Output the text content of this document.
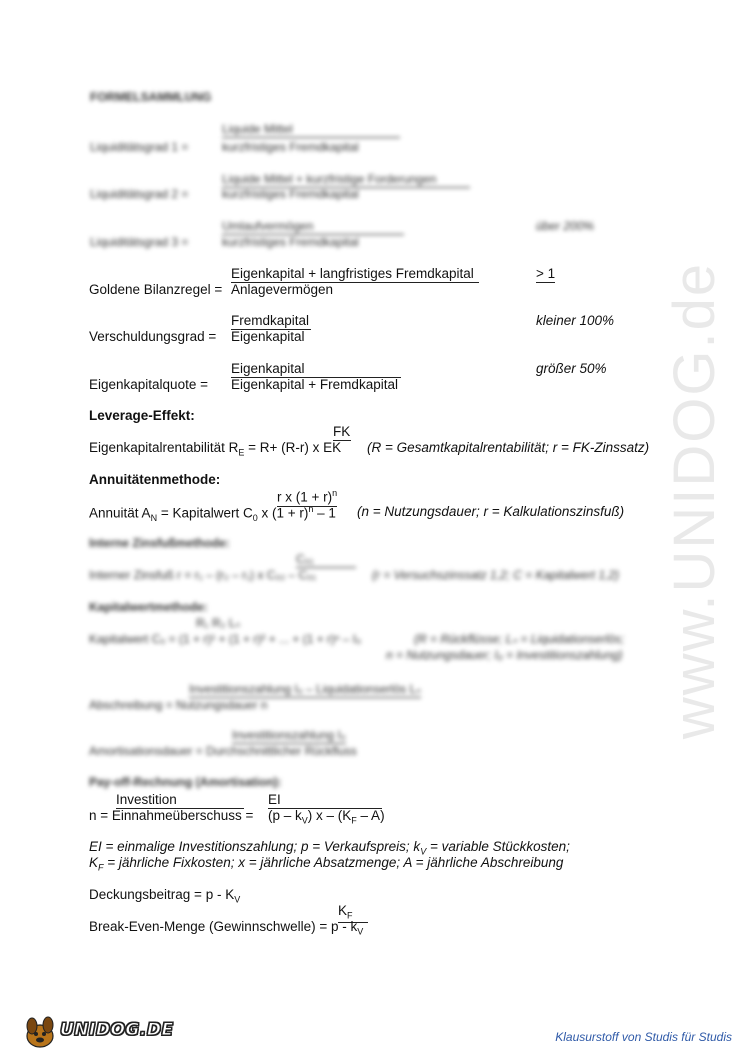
FORMELSAMMLUNG
Liquide Mittel
Liquiditätsgrad 1 =	kurzfristiges Fremdkapital
Liquide Mittel + kurzfristige Forderungen
Liquiditätsgrad 2 =	kurzfristiges Fremdkapital
Umlaufvermögen
Liquiditätsgrad 3 =	kurzfristiges Fremdkapital
über 200%
Eigenkapital + langfristiges Fremdkapital	> 1
Goldene Bilanzregel = Anlagevermögen
Fremdkapital	kleiner 100%
Verschuldungsgrad = Eigenkapital
Eigenkapital	größer 50%
Eigenkapitalquote = Eigenkapital + Fremdkapital
Leverage-Effekt:
FK
Eigenkapitalrentabilität $R_E = R+ (R-r)$ x EK (R = Gesamtkapitalrentabilität; r = FK-Zinssatz)
Annuitätenmethode:
r x $(1 + r)^n$
Annuität $A_N$ = Kapitalwert $C_0$ x $(1 + r)^n - 1$ (n = Nutzungsdauer; r = Kalkulationszinsfuß)
Interne Zinsfußmethode:
C₀₁
Interner Zinsfuß r = r₁ – (r₂ – r₁) x C₀₂ – C₀₁	(r = Versuchszinssatz 1,2; C = Kapitalwert 1,2)
Kapitalwertmethode:
R₁ R₂ Lₙ
Kapitalwert C₀ = (1 + r)¹ + (1 + r)² + ... + (1 + r)ⁿ – I₀	(R = Rückflüsse; Lₙ = Liquidationserlös;
n = Nutzungsdauer; I₀ = Investitionszahlung)
Investitionszahlung I₀ – Liquidationserlös Lₙ
Abschreibung = Nutzungsdauer n
Investitionszahlung I₀
Amortisationsdauer = Durchschnittlicher Rückfluss
Pay-off-Rechnung (Amortisation):
Investition	EI
n = Einnahmeüberschuss = $(p - k_V)$ x – $(K_F - A)$
EI = einmalige Investitionszahlung; p = Verkaufspreis; $k_V$ = variable Stückkosten;
$K_F$ = jährliche Fixkosten; x = jährliche Absatzmenge; A = jährliche Abschreibung
Deckungsbeitrag = p - $K_V$
$K_F$
Break-Even-Menge (Gewinnschwelle) = p - $k_V$
www.UNIDOG.de
UNIDOG.DE	Klausurstoff von Studis für Studis
